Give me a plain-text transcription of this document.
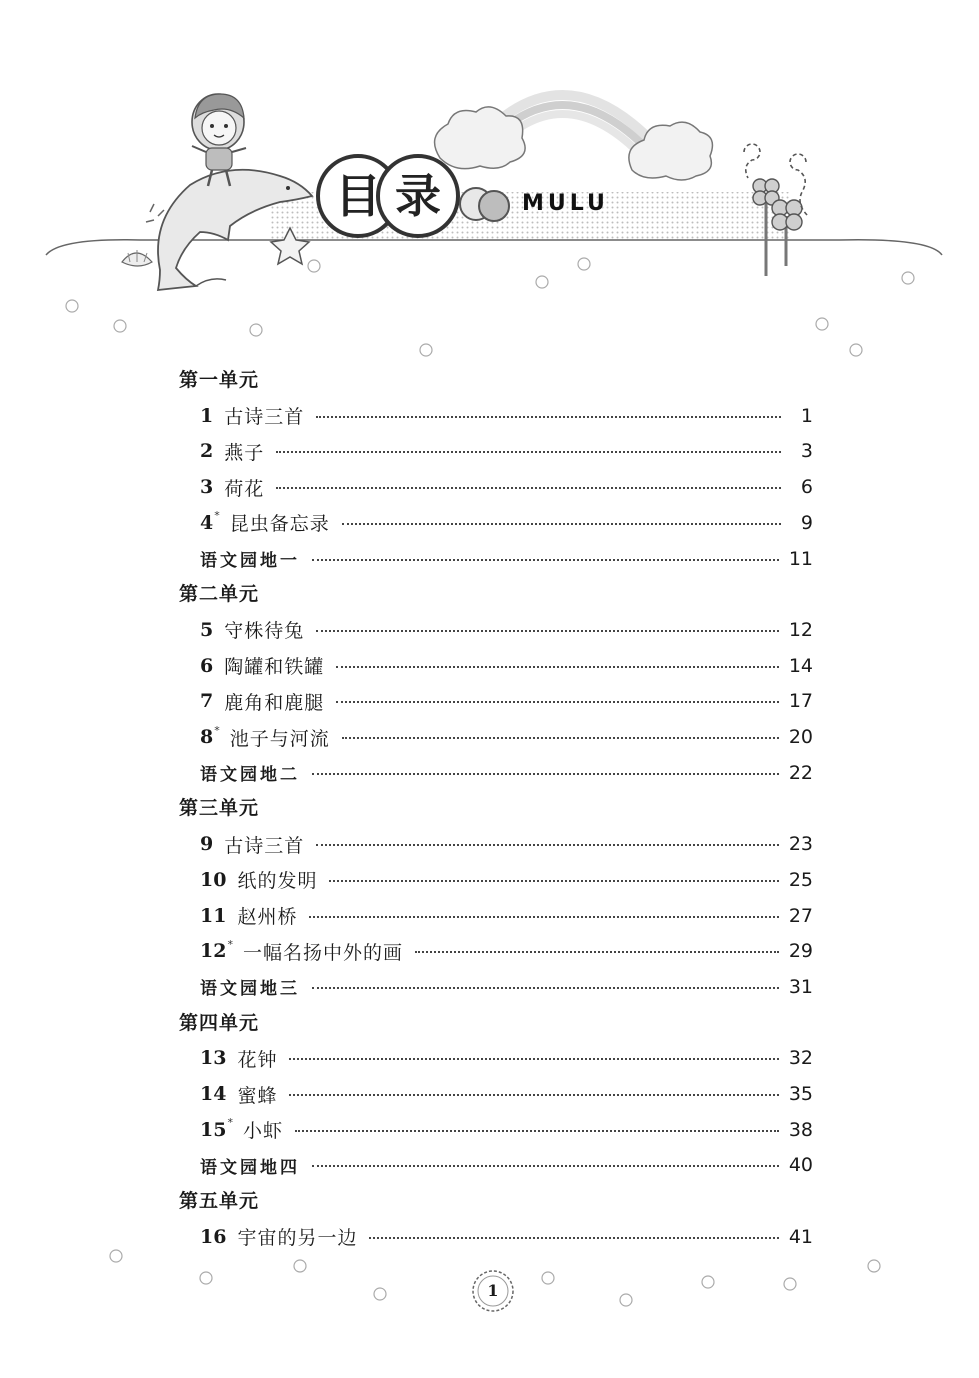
目 录	MULU
第一单元
1 古诗三首	1
2 燕子	3
3 荷花	6
4 * 昆虫备忘录	9
语文园地一	11
第二单元
5 守株待兔	12
6 陶罐和铁罐	14
7 鹿角和鹿腿	17
8 * 池子与河流	20
语文园地二	22
第三单元
9 古诗三首	23
10 纸的发明	25
11 赵州桥	27
12 * 一幅名扬中外的画	29
语文园地三	31
第四单元
13 花钟	32
14 蜜蜂	35
15 * 小虾	38
语文园地四	40
第五单元
16 宇宙的另一边	41
1
